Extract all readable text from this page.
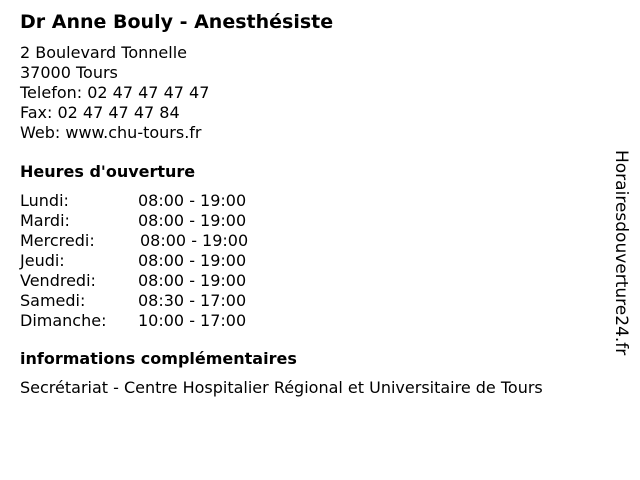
Dr Anne Bouly - Anesthésiste
2 Boulevard Tonnelle
37000 Tours
Telefon: 02 47 47 47 47
Fax: 02 47 47 47 84
Web: www.chu-tours.fr
Heures d'ouverture
Lundi:	08:00 - 19:00
Mardi:	08:00 - 19:00
Mercredi:	08:00 - 19:00
Jeudi:	08:00 - 19:00
Vendredi:	08:00 - 19:00
Samedi:	08:30 - 17:00
Dimanche:	10:00 - 17:00
informations complémentaires
Secrétariat - Centre Hospitalier Régional et Universitaire de Tours
Horairesdouverture24.fr
